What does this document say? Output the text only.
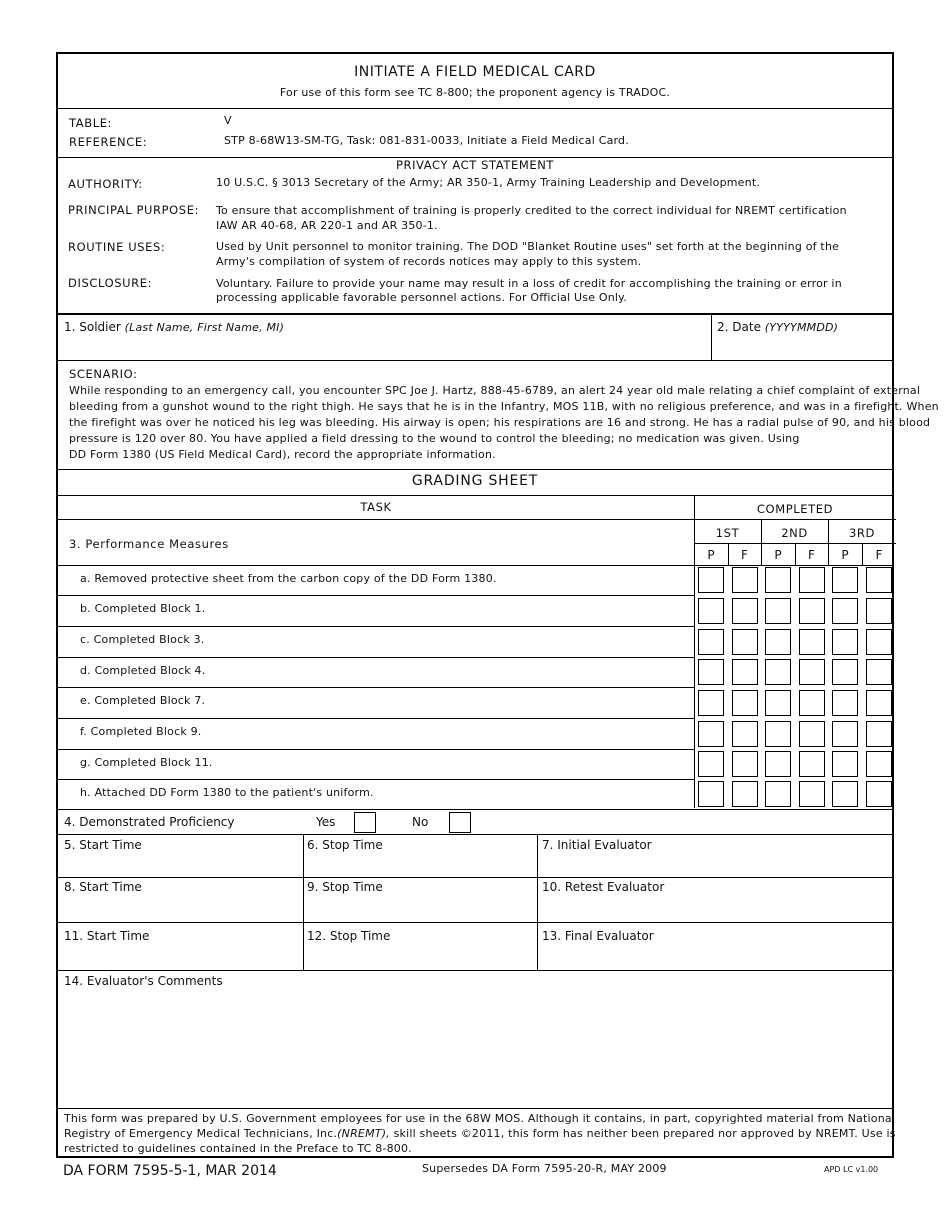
INITIATE A FIELD MEDICAL CARD
For use of this form see TC 8-800; the proponent agency is TRADOC.
TABLE:	V
REFERENCE:	STP 8-68W13-SM-TG, Task: 081-831-0033, Initiate a Field Medical Card.
PRIVACY ACT STATEMENT
AUTHORITY:	10 U.S.C. § 3013 Secretary of the Army; AR 350-1, Army Training Leadership and Development.
PRINCIPAL PURPOSE: To ensure that accomplishment of training is properly credited to the correct individual for NREMT certification
IAW AR 40-68, AR 220-1 and AR 350-1.
ROUTINE USES:	Used by Unit personnel to monitor training. The DOD "Blanket Routine uses" set forth at the beginning of the
Army's compilation of system of records notices may apply to this system.
DISCLOSURE:	Voluntary. Failure to provide your name may result in a loss of credit for accomplishing the training or error in
processing applicable favorable personnel actions. For Official Use Only.
1. Soldier (Last Name, First Name, MI)	2. Date (YYYYMMDD)
SCENARIO:
While responding to an emergency call, you encounter SPC Joe J. Hartz, 888-45-6789, an alert 24 year old male relating a chief complaint of external
bleeding from a gunshot wound to the right thigh. He says that he is in the Infantry, MOS 11B, with no religious preference, and was in a firefight. When
the firefight was over he noticed his leg was bleeding. His airway is open; his respirations are 16 and strong. He has a radial pulse of 90, and his blood
pressure is 120 over 80. You have applied a field dressing to the wound to control the bleeding; no medication was given. Using
DD Form 1380 (US Field Medical Card), record the appropriate information.
GRADING SHEET
TASK	COMPLETED
3. Performance Measures
1ST	2ND	3RD
P	F	P	F	P	F
a. Removed protective sheet from the carbon copy of the DD Form 1380.
b. Completed Block 1.
c. Completed Block 3.
d. Completed Block 4.
e. Completed Block 7.
f. Completed Block 9.
g. Completed Block 11.
h. Attached DD Form 1380 to the patient's uniform.
4. Demonstrated Proficiency	Yes	No
5. Start Time	6. Stop Time	7. Initial Evaluator
8. Start Time	9. Stop Time	10. Retest Evaluator
11. Start Time	12. Stop Time	13. Final Evaluator
14. Evaluator's Comments
This form was prepared by U.S. Government employees for use in the 68W MOS. Although it contains, in part, copyrighted material from National
Registry of Emergency Medical Technicians, Inc.(NREMT), skill sheets ©2011, this form has neither been prepared nor approved by NREMT. Use is
restricted to guidelines contained in the Preface to TC 8-800.
DA FORM 7595-5-1, MAR 2014	Supersedes DA Form 7595-20-R, MAY 2009	APD LC v1.00
